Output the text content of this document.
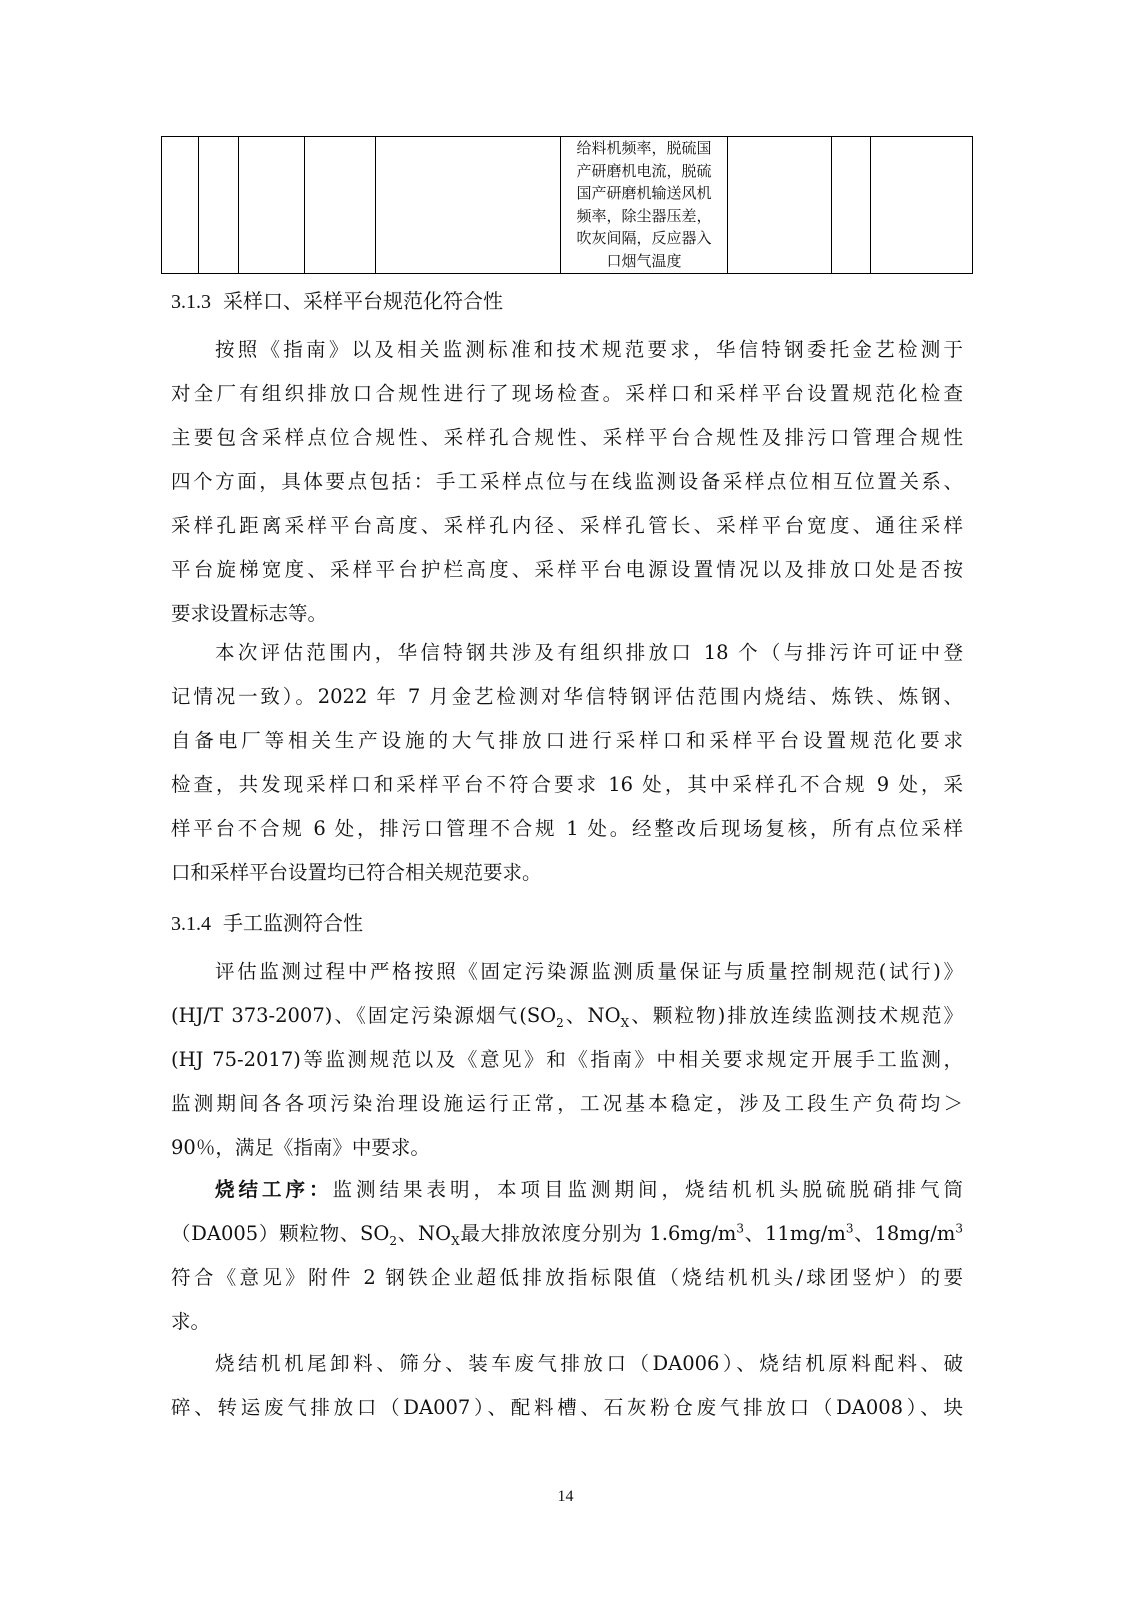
给料机频率，脱硫国
产研磨机电流，脱硫
国产研磨机输送风机
频率，除尘器压差，
吹灰间隔，反应器入
口烟气温度

3.1.3 采样口、采样平台规范化符合性
按照《指南》以及相关监测标准和技术规范要求，华信特钢委托金艺检测于
对全厂有组织排放口合规性进行了现场检查。采样口和采样平台设置规范化检查
主要包含采样点位合规性、采样孔合规性、采样平台合规性及排污口管理合规性
四个方面，具体要点包括：手工采样点位与在线监测设备采样点位相互位置关系、
采样孔距离采样平台高度、采样孔内径、采样孔管长、采样平台宽度、通往采样
平台旋梯宽度、采样平台护栏高度、采样平台电源设置情况以及排放口处是否按
要求设置标志等。
本次评估范围内，华信特钢共涉及有组织排放口 18 个（与排污许可证中登
记情况一致）。2022 年 7 月金艺检测对华信特钢评估范围内烧结、炼铁、炼钢、
自备电厂等相关生产设施的大气排放口进行采样口和采样平台设置规范化要求
检查，共发现采样口和采样平台不符合要求 16 处，其中采样孔不合规 9 处，采
样平台不合规 6 处，排污口管理不合规 1 处。经整改后现场复核，所有点位采样
口和采样平台设置均已符合相关规范要求。
3.1.4 手工监测符合性
评估监测过程中严格按照《固定污染源监测质量保证与质量控制规范(试行)》
(HJ/T 373-2007)、《固定污染源烟气($SO_2$、$NO_X$、颗粒物)排放连续监测技术规范》
(HJ 75-2017)等监测规范以及《意见》和《指南》中相关要求规定开展手工监测，
监测期间各各项污染治理设施运行正常，工况基本稳定，涉及工段生产负荷均＞
90％，满足《指南》中要求。
烧结工序：监测结果表明，本项目监测期间，烧结机机头脱硫脱硝排气筒
（DA005）颗粒物、$SO_2$、$NO_X$最大排放浓度分别为 $1.6mg/m^3$、$11mg/m^3$、$18mg/m^3$
符合《意见》附件 2 钢铁企业超低排放指标限值（烧结机机头/球团竖炉）的要
求。
烧结机机尾卸料、筛分、装车废气排放口（DA006）、烧结机原料配料、破
碎、转运废气排放口（DA007）、配料槽、石灰粉仓废气排放口（DA008）、块
14
